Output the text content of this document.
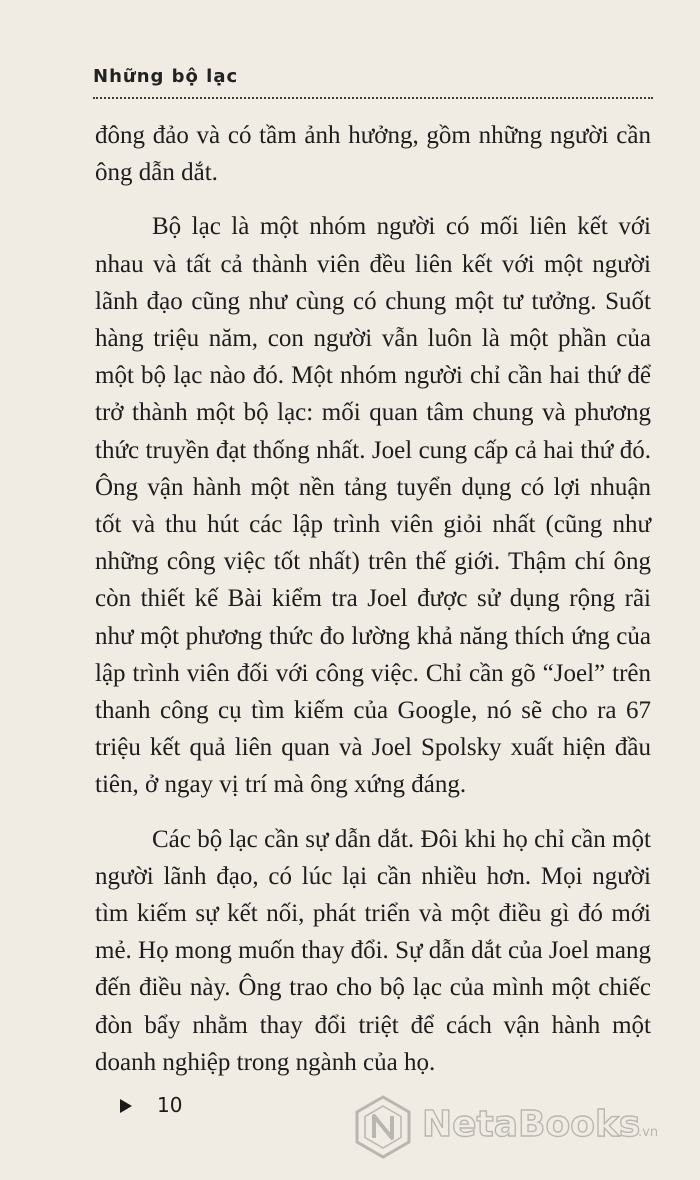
Những bộ lạc

đông đảo và có tầm ảnh hưởng, gồm những người cần ông dẫn dắt.

Bộ lạc là một nhóm người có mối liên kết với nhau và tất cả thành viên đều liên kết với một người lãnh đạo cũng như cùng có chung một tư tưởng. Suốt hàng triệu năm, con người vẫn luôn là một phần của một bộ lạc nào đó. Một nhóm người chỉ cần hai thứ để trở thành một bộ lạc: mối quan tâm chung và phương thức truyền đạt thống nhất. Joel cung cấp cả hai thứ đó. Ông vận hành một nền tảng tuyển dụng có lợi nhuận tốt và thu hút các lập trình viên giỏi nhất (cũng như những công việc tốt nhất) trên thế giới. Thậm chí ông còn thiết kế Bài kiểm tra Joel được sử dụng rộng rãi như một phương thức đo lường khả năng thích ứng của lập trình viên đối với công việc. Chỉ cần gõ “Joel” trên thanh công cụ tìm kiếm của Google, nó sẽ cho ra 67 triệu kết quả liên quan và Joel Spolsky xuất hiện đầu tiên, ở ngay vị trí mà ông xứng đáng.

Các bộ lạc cần sự dẫn dắt. Đôi khi họ chỉ cần một người lãnh đạo, có lúc lại cần nhiều hơn. Mọi người tìm kiếm sự kết nối, phát triển và một điều gì đó mới mẻ. Họ mong muốn thay đổi. Sự dẫn dắt của Joel mang đến điều này. Ông trao cho bộ lạc của mình một chiếc đòn bẩy nhằm thay đổi triệt để cách vận hành một doanh nghiệp trong ngành của họ.

10	NetaBooks
.vn
